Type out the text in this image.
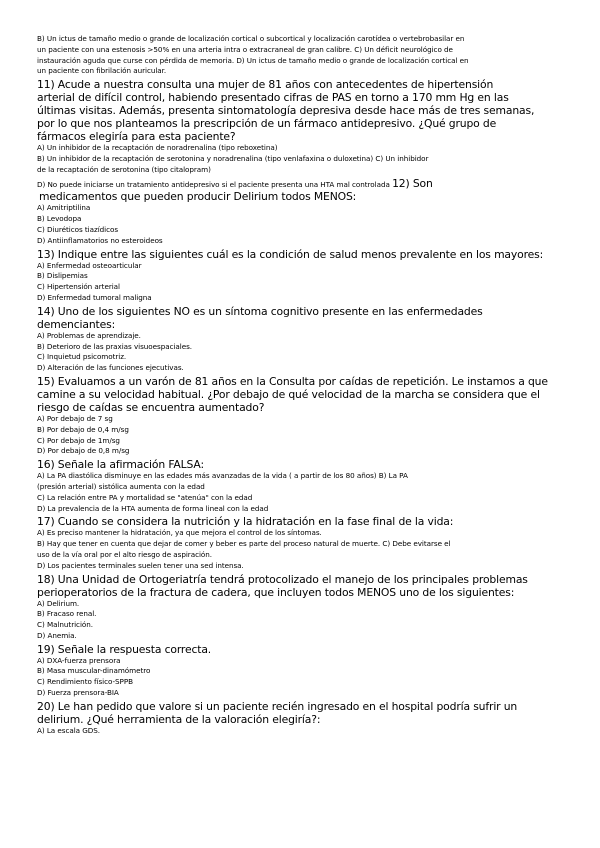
B) Un ictus de tamaño medio o grande de localización cortical o subcortical y localización carotídea o vertebrobasilar en
un paciente con una estenosis >50% en una arteria intra o extracraneal de gran calibre. C) Un déficit neurológico de
instauración aguda que curse con pérdida de memoria. D) Un ictus de tamaño medio o grande de localización cortical en
un paciente con fibrilación auricular.
11) Acude a nuestra consulta una mujer de 81 años con antecedentes de hipertensión
arterial de difícil control, habiendo presentado cifras de PAS en torno a 170 mm Hg en las
últimas visitas. Además, presenta sintomatología depresiva desde hace más de tres semanas,
por lo que nos planteamos la prescripción de un fármaco antidepresivo. ¿Qué grupo de
fármacos elegiría para esta paciente?
A) Un inhibidor de la recaptación de noradrenalina (tipo reboxetina)
B) Un inhibidor de la recaptación de serotonina y noradrenalina (tipo venlafaxina o duloxetina) C) Un inhibidor
de la recaptación de serotonina (tipo citalopram)
D) No puede iniciarse un tratamiento antidepresivo si el paciente presenta una HTA mal controlada 12) Son
medicamentos que pueden producir Delirium todos MENOS:
A) Amitriptilina
B) Levodopa
C) Diuréticos tiazídicos
D) Antiinflamatorios no esteroideos
13) Indique entre las siguientes cuál es la condición de salud menos prevalente en los mayores:
A) Enfermedad osteoarticular
B) Dislipemias
C) Hipertensión arterial
D) Enfermedad tumoral maligna
14) Uno de los siguientes NO es un síntoma cognitivo presente en las enfermedades
demenciantes:
A) Problemas de aprendizaje.
B) Deterioro de las praxias visuoespaciales.
C) Inquietud psicomotriz.
D) Alteración de las funciones ejecutivas.
15) Evaluamos a un varón de 81 años en la Consulta por caídas de repetición. Le instamos a que
camine a su velocidad habitual. ¿Por debajo de qué velocidad de la marcha se considera que el
riesgo de caídas se encuentra aumentado?
A) Por debajo de 7 sg
B) Por debajo de 0,4 m/sg
C) Por debajo de 1m/sg
D) Por debajo de 0,8 m/sg
16) Señale la afirmación FALSA:
A) La PA diastólica disminuye en las edades más avanzadas de la vida ( a partir de los 80 años) B) La PA
(presión arterial) sistólica aumenta con la edad
C) La relación entre PA y mortalidad se "atenúa" con la edad
D) La prevalencia de la HTA aumenta de forma lineal con la edad
17) Cuando se considera la nutrición y la hidratación en la fase final de la vida:
A) Es preciso mantener la hidratación, ya que mejora el control de los síntomas.
B) Hay que tener en cuenta que dejar de comer y beber es parte del proceso natural de muerte. C) Debe evitarse el
uso de la vía oral por el alto riesgo de aspiración.
D) Los pacientes terminales suelen tener una sed intensa.
18) Una Unidad de Ortogeriatría tendrá protocolizado el manejo de los principales problemas
perioperatorios de la fractura de cadera, que incluyen todos MENOS uno de los siguientes:
A) Delirium.
B) Fracaso renal.
C) Malnutrición.
D) Anemia.
19) Señale la respuesta correcta.
A) DXA-fuerza prensora
B) Masa muscular-dinamómetro
C) Rendimiento físico-SPPB
D) Fuerza prensora-BIA
20) Le han pedido que valore si un paciente recién ingresado en el hospital podría sufrir un
delirium. ¿Qué herramienta de la valoración elegiría?:
A) La escala GDS.
